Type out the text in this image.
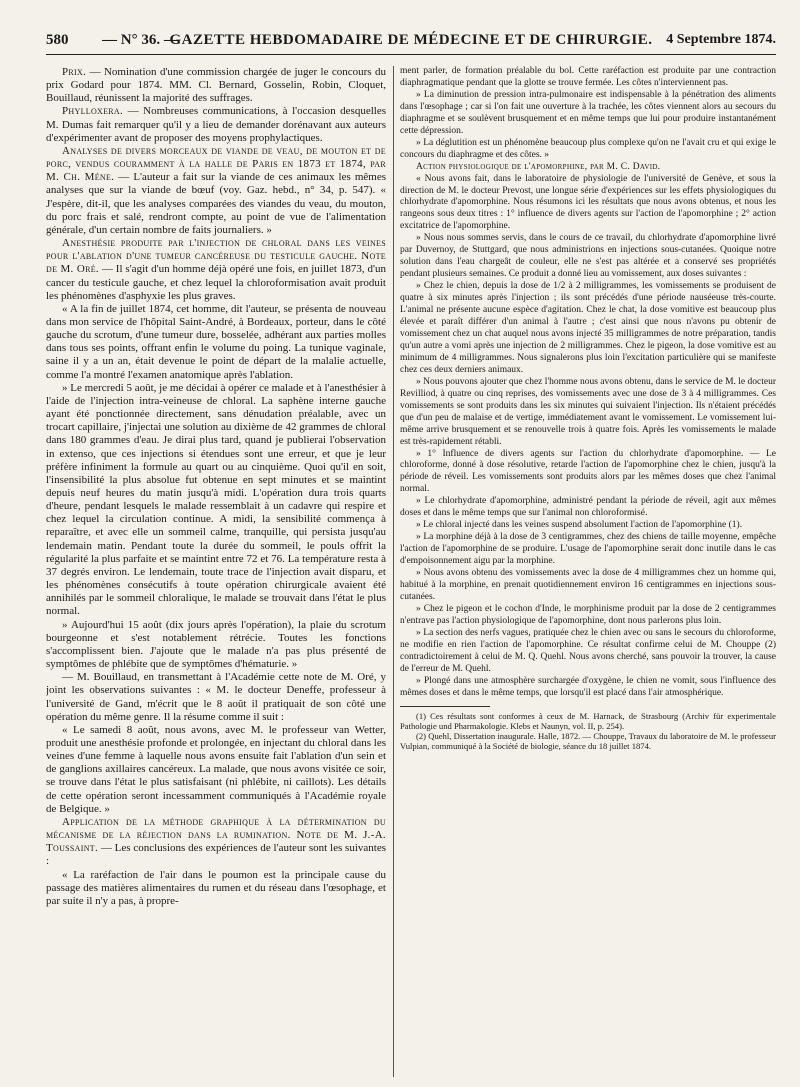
580 — N° 36. —
GAZETTE HEBDOMADAIRE DE MÉDECINE ET DE CHIRURGIE. 4 Septembre 1874.

Prix. — Nomination d'une commission chargée de juger le concours du prix Godard pour 1874. MM. Cl. Bernard, Gosselin, Robin, Cloquet, Bouillaud, réunissent la majorité des suffrages.

Phylloxera. — Nombreuses communications, à l'occasion desquelles M. Dumas fait remarquer qu'il y a lieu de demander dorénavant aux auteurs d'expérimenter avant de proposer des moyens prophylactiques.

Analyses de divers morceaux de viande de veau, de mouton et de porc, vendus couramment à la halle de Paris en 1873 et 1874, par M. Ch. Méne. — L'auteur a fait sur la viande de ces animaux les mêmes analyses que sur la viande de bœuf (voy. Gaz. hebd., n° 34, p. 547). « J'espère, dit-il, que les analyses comparées des viandes du veau, du mouton, du porc frais et salé, rendront compte, au point de vue de l'alimentation générale, d'un certain nombre de faits journaliers. »

Anesthésie produite par l'injection de chloral dans les veines pour l'ablation d'une tumeur cancéreuse du testicule gauche. Note de M. Oré. — Il s'agit d'un homme déjà opéré une fois, en juillet 1873, d'un cancer du testicule gauche, et chez lequel la chloroformisation avait produit les phénomènes d'asphyxie les plus graves.

« A la fin de juillet 1874, cet homme, dit l'auteur, se présenta de nouveau dans mon service de l'hôpital Saint-André, à Bordeaux, porteur, dans le côté gauche du scrotum, d'une tumeur dure, bosselée, adhérant aux parties molles dans tous ses points, offrant enfin le volume du poing. La tunique vaginale, saine il y a un an, était devenue le point de départ de la malalie actuelle, comme l'a montré l'examen anatomique après l'ablation.

» Le mercredi 5 août, je me décidai à opérer ce malade et à l'anesthésier à l'aide de l'injection intra-veineuse de chloral. La saphène interne gauche ayant été ponctionnée directement, sans dénudation préalable, avec un trocart capillaire, j'injectai une solution au dixième de 42 grammes de chloral dans 180 grammes d'eau. Je dirai plus tard, quand je publierai l'observation in extenso, que ces injections si étendues sont une erreur, et que je leur préfère infiniment la formule au quart ou au cinquième. Quoi qu'il en soit, l'insensibilité la plus absolue fut obtenue en sept minutes et se maintint depuis neuf heures du matin jusqu'à midi. L'opération dura trois quarts d'heure, pendant lesquels le malade ressemblait à un cadavre qui respire et chez lequel la circulation continue. A midi, la sensibilité commença à reparaître, et avec elle un sommeil calme, tranquille, qui persista jusqu'au lendemain matin. Pendant toute la durée du sommeil, le pouls offrit la régularité la plus parfaite et se maintint entre 72 et 76. La température resta à 37 degrés environ. Le lendemain, toute trace de l'injection avait disparu, et les phénomènes consécutifs à toute opération chirurgicale avaient été annihilés par le sommeil chloralique, le malade se trouvait dans l'état le plus normal.

» Aujourd'hui 15 août (dix jours après l'opération), la plaie du scrotum bourgeonne et s'est notablement rétrécie. Toutes les fonctions s'accomplissent bien. J'ajoute que le malade n'a pas plus présenté de symptômes de phlébite que de symptômes d'hématurie. »

— M. Bouillaud, en transmettant à l'Académie cette note de M. Oré, y joint les observations suivantes : « M. le docteur Deneffe, professeur à l'université de Gand, m'écrit que le 8 août il pratiquait de son côté une opération du même genre. Il la résume comme il suit :

« Le samedi 8 août, nous avons, avec M. le professeur van Wetter, produit une anesthésie profonde et prolongée, en injectant du chloral dans les veines d'une femme à laquelle nous avons ensuite fait l'ablation d'un sein et de ganglions axillaires cancéreux. La malade, que nous avons visitée ce soir, se trouve dans l'état le plus satisfaisant (ni phlébite, ni caillots). Les détails de cette opération seront incessamment communiqués à l'Académie royale de Belgique. »

Application de la méthode graphique à la détermination du mécanisme de la réjection dans la rumination. Note de M. J.-A. Toussaint. — Les conclusions des expériences de l'auteur sont les suivantes :

« La raréfaction de l'air dans le poumon est la principale cause du passage des matières alimentaires du rumen et du réseau dans l'œsophage, et par suite il n'y a pas, à propre-

ment parler, de formation préalable du bol. Cette raréfaction est produite par une contraction diaphragmatique pendant que la glotte se trouve fermée. Les côtes n'interviennent pas.

» La diminution de pression intra-pulmonaire est indispensable à la pénétration des aliments dans l'œsophage ; car si l'on fait une ouverture à la trachée, les côtes viennent alors au secours du diaphragme et se soulèvent brusquement et en même temps que lui pour produire instantanément cette dépression.

» La déglutition est un phénomène beaucoup plus complexe qu'on ne l'avait cru et qui exige le concours du diaphragme et des côtes. »

Action physiologique de l'apomorphine, par M. C. David.

« Nous avons fait, dans le laboratoire de physiologie de l'université de Genève, et sous la direction de M. le docteur Prevost, une longue série d'expériences sur les effets physiologiques du chlorhydrate d'apomorphine. Nous résumons ici les résultats que nous avons obtenus, et nous les rangeons sous deux titres : 1° influence de divers agents sur l'action de l'apomorphine ; 2° action excitatrice de l'apomorphine.

» Nous nous sommes servis, dans le cours de ce travail, du chlorhydrate d'apomorphine livré par Duvernoy, de Stuttgard, que nous administrions en injections sous-cutanées. Quoique notre solution dans l'eau chargeât de couleur, elle ne s'est pas altérée et a conservé ses propriétés pendant plusieurs semaines. Ce produit a donné lieu au vomissement, aux doses suivantes :

» Chez le chien, depuis la dose de 1/2 à 2 milligrammes, les vomissements se produisent de quatre à six minutes après l'injection ; ils sont précédés d'une période nauséeuse très-courte. L'animal ne présente aucune espèce d'agitation. Chez le chat, la dose vomitive est beaucoup plus élevée et paraît différer d'un animal à l'autre ; c'est ainsi que nous n'avons pu obtenir de vomissement chez un chat auquel nous avons injecté 35 milligrammes de notre préparation, tandis qu'un autre a vomi après une injection de 2 milligrammes. Chez le pigeon, la dose vomitive est au minimum de 4 milligrammes. Nous signalerons plus loin l'excitation particulière qui se manifeste chez ces deux derniers animaux.

» Nous pouvons ajouter que chez l'homme nous avons obtenu, dans le service de M. le docteur Revilliod, à quatre ou cinq reprises, des vomissements avec une dose de 3 à 4 milligrammes. Ces vomissements se sont produits dans les six minutes qui suivaient l'injection. Ils n'étaient précédés que d'un peu de malaise et de vertige, immédiatement avant le vomissement. Le vomissement lui-même arrive brusquement et se renouvelle trois à quatre fois. Après les vomissements le malade est très-rapidement rétabli.

» 1° Influence de divers agents sur l'action du chlorhydrate d'apomorphine. — Le chloroforme, donné à dose résolutive, retarde l'action de l'apomorphine chez le chien, jusqu'à la période de réveil. Les vomissements sont produits alors par les mêmes doses que chez l'animal normal.

» Le chlorhydrate d'apomorphine, administré pendant la période de réveil, agit aux mêmes doses et dans le même temps que sur l'animal non chloroformisé.

» Le chloral injecté dans les veines suspend absolument l'action de l'apomorphine (1).

» La morphine déjà à la dose de 3 centigrammes, chez des chiens de taille moyenne, empêche l'action de l'apomorphine de se produire. L'usage de l'apomorphine serait donc inutile dans le cas d'empoisonnement aigu par la morphine.

» Nous avons obtenu des vomissements avec la dose de 4 milligrammes chez un homme qui, habitué à la morphine, en prenait quotidiennement environ 16 centigrammes en injections sous-cutanées.

» Chez le pigeon et le cochon d'Inde, le morphinisme produit par la dose de 2 centigrammes n'entrave pas l'action physiologique de l'apomorphine, dont nous parlerons plus loin.

» La section des nerfs vagues, pratiquée chez le chien avec ou sans le secours du chloroforme, ne modifie en rien l'action de l'apomorphine. Ce résultat confirme celui de M. Chouppe (2) contradictoirement à celui de M. Q. Quehl. Nous avons cherché, sans pouvoir la trouver, la cause de l'erreur de M. Quehl.

» Plongé dans une atmosphère surchargée d'oxygène, le chien ne vomit, sous l'influence des mêmes doses et dans le même temps, que lorsqu'il est placé dans l'air atmosphérique.

(1) Ces résultats sont conformes à ceux de M. Harnack, de Strasbourg (Archiv für experimentale Pathologie und Pharmakologie. Klebs et Naunyn, vol. II, p. 254).

(2) Quehl, Dissertation inaugurale. Halle, 1872. — Chouppe, Travaux du laboratoire de M. le professeur Vulpian, communiqué à la Société de biologie, séance du 18 juillet 1874.
